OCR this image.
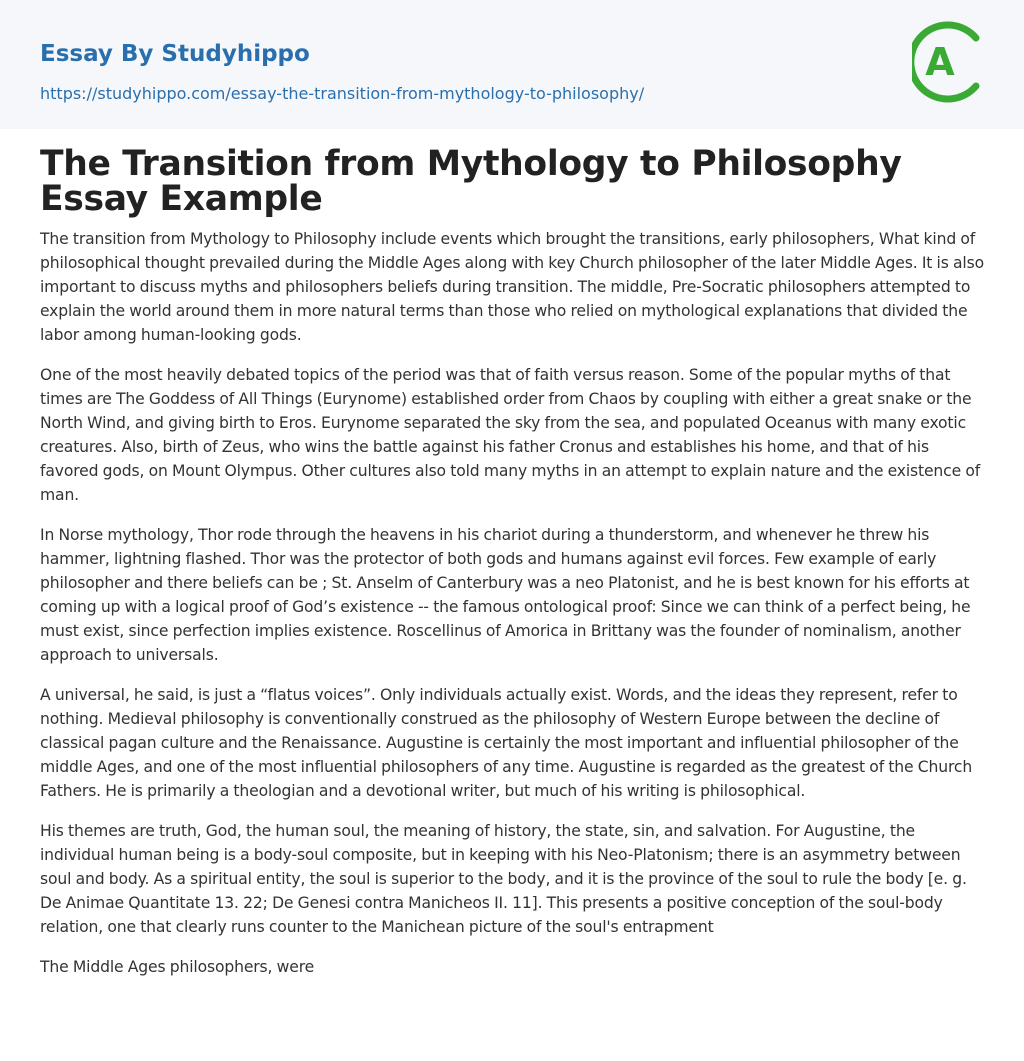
Essay By Studyhippo
https://studyhippo.com/essay-the-transition-from-mythology-to-philosophy/
A
The Transition from Mythology to Philosophy Essay Example

The transition from Mythology to Philosophy include events which brought the transitions, early philosophers, What kind of philosophical thought prevailed during the Middle Ages along with key Church philosopher of the later Middle Ages. It is also important to discuss myths and philosophers beliefs during transition. The middle, Pre-Socratic philosophers attempted to explain the world around them in more natural terms than those who relied on mythological explanations that divided the labor among human-looking gods.

One of the most heavily debated topics of the period was that of faith versus reason. Some of the popular myths of that times are The Goddess of All Things (Eurynome) established order from Chaos by coupling with either a great snake or the North Wind, and giving birth to Eros. Eurynome separated the sky from the sea, and populated Oceanus with many exotic creatures. Also, birth of Zeus, who wins the battle against his father Cronus and establishes his home, and that of his favored gods, on Mount Olympus. Other cultures also told many myths in an attempt to explain nature and the existence of man.

In Norse mythology, Thor rode through the heavens in his chariot during a thunderstorm, and whenever he threw his hammer, lightning flashed. Thor was the protector of both gods and humans against evil forces. Few example of early philosopher and there beliefs can be ; St. Anselm of Canterbury was a neo Platonist, and he is best known for his efforts at coming up with a logical proof of God’s existence -- the famous ontological proof: Since we can think of a perfect being, he must exist, since perfection implies existence. Roscellinus of Amorica in Brittany was the founder of nominalism, another approach to universals.

A universal, he said, is just a “flatus voices”. Only individuals actually exist. Words, and the ideas they represent, refer to nothing. Medieval philosophy is conventionally construed as the philosophy of Western Europe between the decline of classical pagan culture and the Renaissance. Augustine is certainly the most important and influential philosopher of the middle Ages, and one of the most influential philosophers of any time. Augustine is regarded as the greatest of the Church Fathers. He is primarily a theologian and a devotional writer, but much of his writing is philosophical.

His themes are truth, God, the human soul, the meaning of history, the state, sin, and salvation. For Augustine, the individual human being is a body-soul composite, but in keeping with his Neo-Platonism; there is an asymmetry between soul and body. As a spiritual entity, the soul is superior to the body, and it is the province of the soul to rule the body [e. g. De Animae Quantitate 13. 22; De Genesi contra Manicheos II. 11]. This presents a positive conception of the soul-body relation, one that clearly runs counter to the Manichean picture of the soul's entrapment

The Middle Ages philosophers, were
